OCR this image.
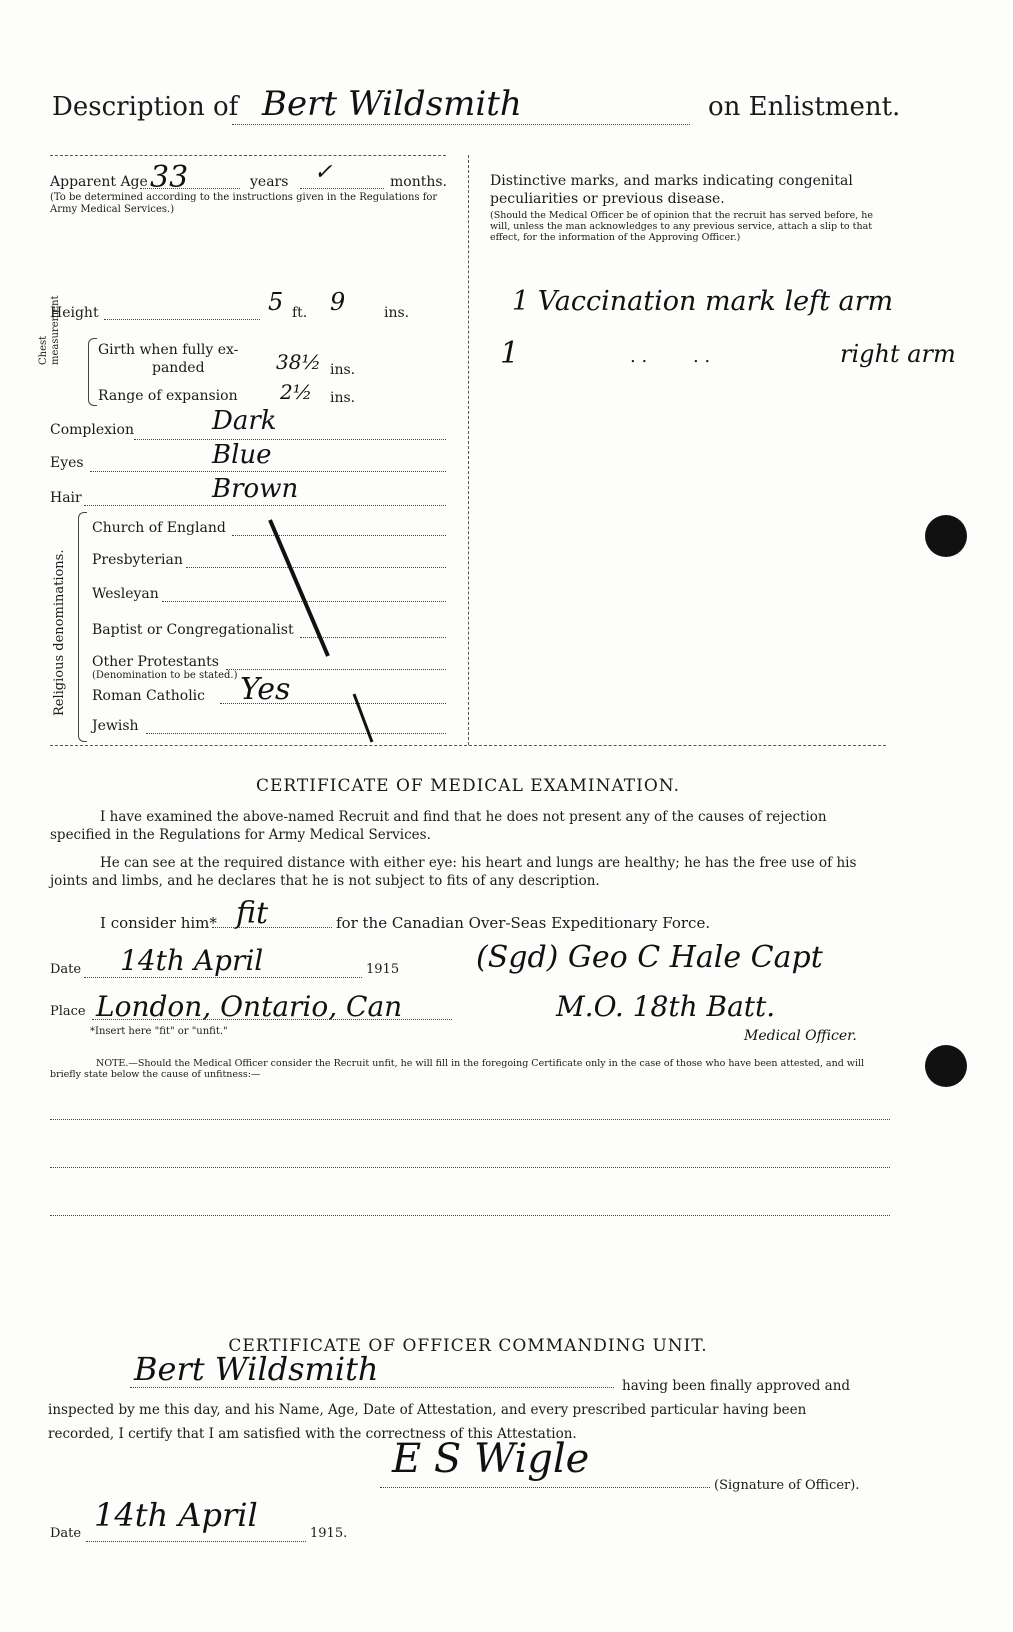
Description of Bert Wildsmith	on Enlistment.
Apparent Age 33	years	✓	months.
(To be determined according to the instructions given in the Regulations for Army Medical Services.)
Height	5 ft. 9	ins.
Chest measurement	Girth when fully ex-
panded	38½ ins.
Range of expansion 2½ ins.
Complexion	Dark
Eyes	Blue
Hair	Brown
Religious denominations.
Church of England
Presbyterian
Wesleyan
Baptist or Congregationalist
Other Protestants
(Denomination to be stated.)
Roman Catholic Yes
Jewish
Distinctive marks, and marks indicating congenital peculiarities or previous disease.
(Should the Medical Officer be of opinion that the recruit has served before, he will, unless the man acknowledges to any previous service, attach a slip to that effect, for the information of the Approving Officer.)
1 Vaccination mark left arm
1	. .        . .	right arm
CERTIFICATE OF MEDICAL EXAMINATION.
I have examined the above-named Recruit and find that he does not present any of the causes of rejection specified in the Regulations for Army Medical Services.
He can see at the required distance with either eye: his heart and lungs are healthy; he has the free use of his joints and limbs, and he declares that he is not subject to fits of any description.
I consider him* fit	for the Canadian Over-Seas Expeditionary Force.
Date 14th April	1915	(Sgd) Geo C Hale Capt
Place London, Ontario, Can	M.O. 18th Batt.
*Insert here "fit" or "unfit."	Medical Officer.
NOTE.—Should the Medical Officer consider the Recruit unfit, he will fill in the foregoing Certificate only in the case of those who have been attested, and will briefly state below the cause of unfitness:—
CERTIFICATE OF OFFICER COMMANDING UNIT.
Bert Wildsmith	having been finally approved and
inspected by me this day, and his Name, Age, Date of Attestation, and every prescribed particular having been
recorded, I certify that I am satisfied with the correctness of this Attestation.
E S Wigle
(Signature of Officer).
Date 14th April	1915.
